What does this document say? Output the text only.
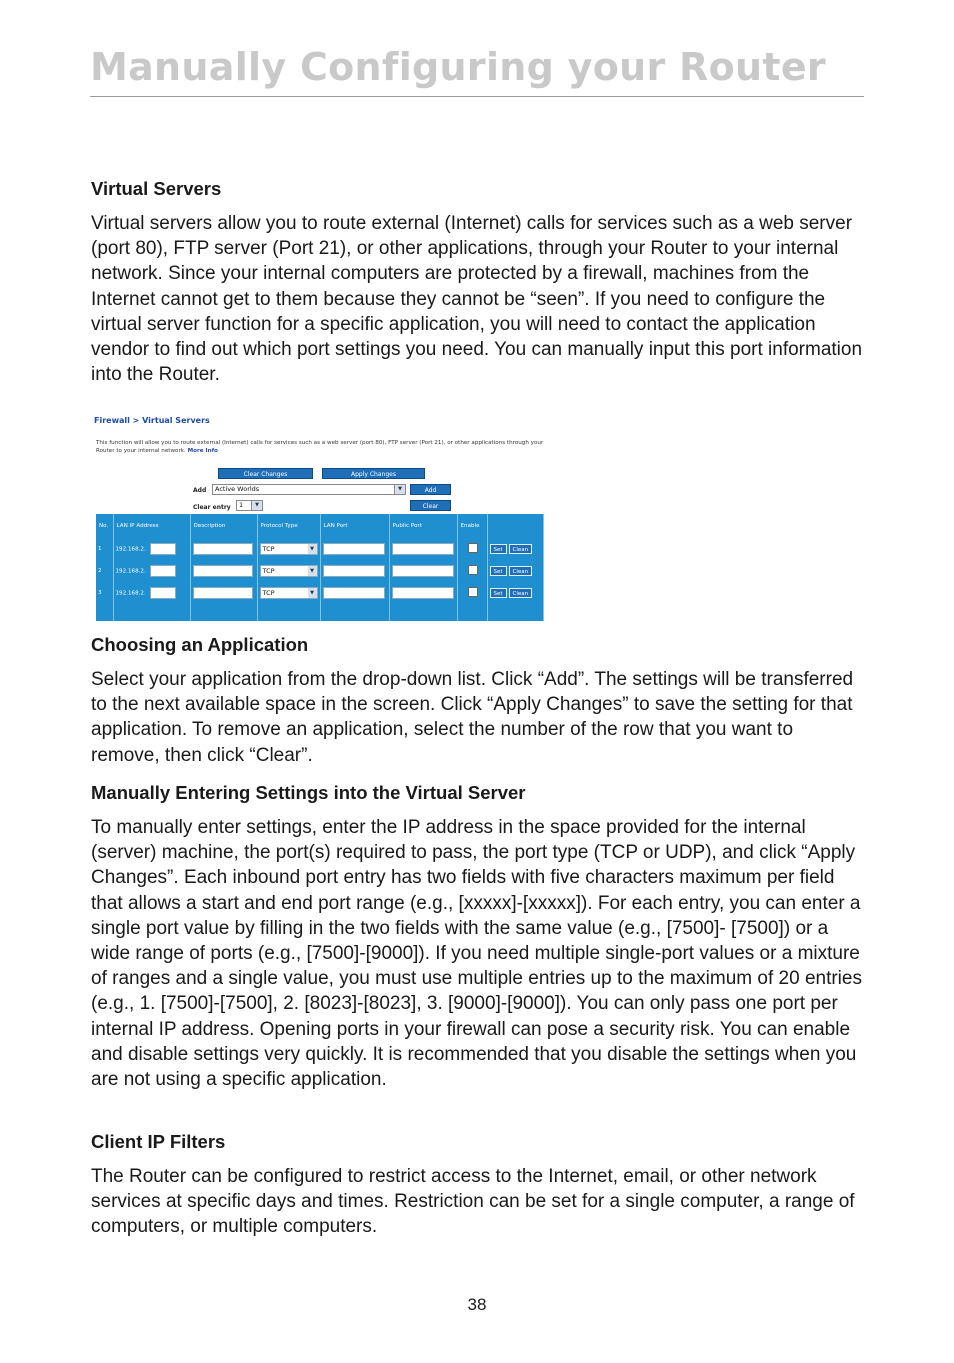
Manually Configuring your Router
Virtual Servers

Virtual servers allow you to route external (Internet) calls for services such as a web server (port 80), FTP server (Port 21), or other applications, through your Router to your internal network. Since your internal computers are protected by a firewall, machines from the Internet cannot get to them because they cannot be “seen”. If you need to configure the virtual server function for a specific application, you will need to contact the application vendor to find out which port settings you need. You can manually input this port information into the Router.

Firewall > Virtual Servers
This function will allow you to route external (Internet) calls for services such as a web server (port 80), FTP server (Port 21), or other applications through your Router to your internal network. More Info
Clear Changes	Apply Changes
Add	Active Worlds	▼	Add
Clear entry	1	▼	Clear
No.	LAN IP Address	Description	Protocol Type	LAN Port	Public Port	Enable	
1	192.168.2.		TCP ▼				Set Clean
2	192.168.2.		TCP ▼				Set Clean
3	192.168.2.		TCP ▼				Set Clean

Choosing an Application

Select your application from the drop-down list. Click “Add”. The settings will be transferred to the next available space in the screen. Click “Apply Changes” to save the setting for that application. To remove an application, select the number of the row that you want to remove, then click “Clear”.

Manually Entering Settings into the Virtual Server

To manually enter settings, enter the IP address in the space provided for the internal (server) machine, the port(s) required to pass, the port type (TCP or UDP), and click “Apply Changes”. Each inbound port entry has two fields with five characters maximum per field that allows a start and end port range (e.g., [xxxxx]-[xxxxx]). For each entry, you can enter a single port value by filling in the two fields with the same value (e.g., [7500]- [7500]) or a wide range of ports (e.g., [7500]-[9000]). If you need multiple single-port values or a mixture of ranges and a single value, you must use multiple entries up to the maximum of 20 entries (e.g., 1. [7500]-[7500], 2. [8023]-[8023], 3. [9000]-[9000]). You can only pass one port per internal IP address. Opening ports in your firewall can pose a security risk. You can enable and disable settings very quickly. It is recommended that you disable the settings when you are not using a specific application.

Client IP Filters

The Router can be configured to restrict access to the Internet, email, or other network services at specific days and times. Restriction can be set for a single computer, a range of computers, or multiple computers.

38
